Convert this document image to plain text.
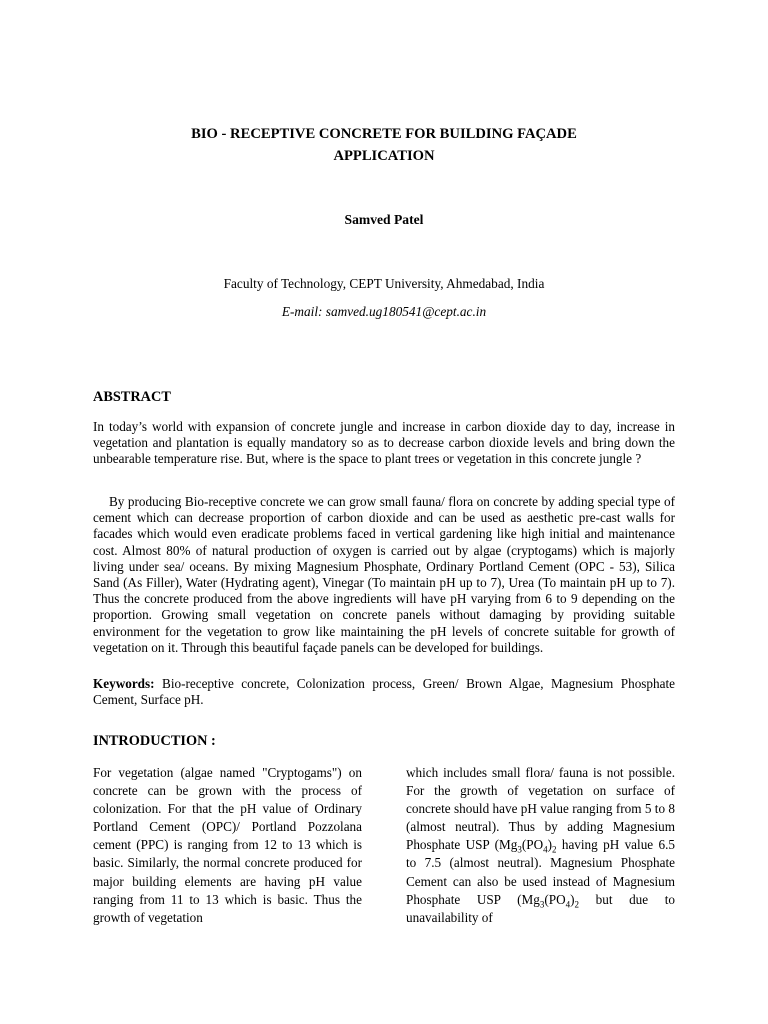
BIO - RECEPTIVE CONCRETE FOR BUILDING FAÇADE
APPLICATION
Samved Patel
Faculty of Technology, CEPT University, Ahmedabad, India
E-mail: samved.ug180541@cept.ac.in
ABSTRACT

In today’s world with expansion of concrete jungle and increase in carbon dioxide day to day, increase in vegetation and plantation is equally mandatory so as to decrease carbon dioxide levels and bring down the unbearable temperature rise. But, where is the space to plant trees or vegetation in this concrete jungle ?

By producing Bio-receptive concrete we can grow small fauna/ flora on concrete by adding special type of cement which can decrease proportion of carbon dioxide and can be used as aesthetic pre-cast walls for facades which would even eradicate problems faced in vertical gardening like high initial and maintenance cost. Almost 80% of natural production of oxygen is carried out by algae (cryptogams) which is majorly living under sea/ oceans. By mixing Magnesium Phosphate, Ordinary Portland Cement (OPC - 53), Silica Sand (As Filler), Water (Hydrating agent), Vinegar (To maintain pH up to 7), Urea (To maintain pH up to 7). Thus the concrete produced from the above ingredients will have pH varying from 6 to 9 depending on the proportion. Growing small vegetation on concrete panels without damaging by providing suitable environment for the vegetation to grow like maintaining the pH levels of concrete suitable for growth of vegetation on it. Through this beautiful façade panels can be developed for buildings.

Keywords: Bio-receptive concrete, Colonization process, Green/ Brown Algae, Magnesium Phosphate Cement, Surface pH.

INTRODUCTION :

For vegetation (algae named "Cryptogams") on concrete can be grown with the process of colonization. For that the pH value of Ordinary Portland Cement (OPC)/ Portland Pozzolana cement (PPC) is ranging from 12 to 13 which is basic. Similarly, the normal concrete produced for major building elements are having pH value ranging from 11 to 13 which is basic. Thus the growth of vegetation

which includes small flora/ fauna is not possible. For the growth of vegetation on surface of concrete should have pH value ranging from 5 to 8 (almost neutral). Thus by adding Magnesium Phosphate USP ($Mg_3(PO_4)_2$ having pH value 6.5 to 7.5 (almost neutral). Magnesium Phosphate Cement can also be used instead of Magnesium Phosphate USP ($Mg_3(PO_4)_2$ but due to unavailability of
